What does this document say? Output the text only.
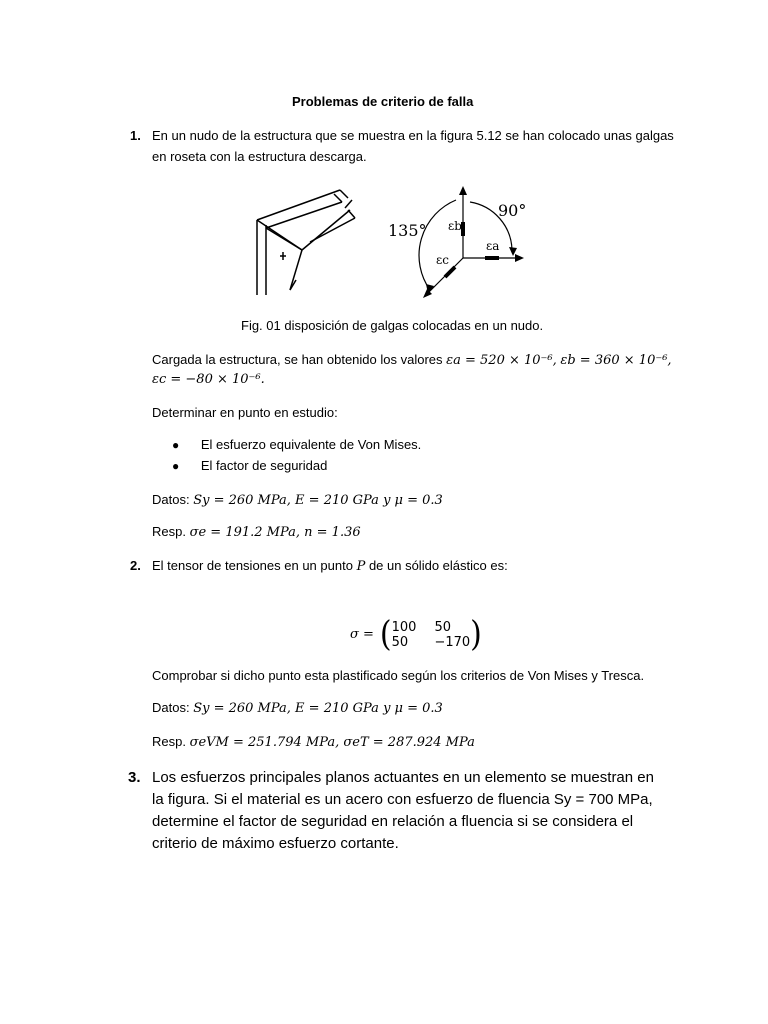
Problemas de criterio de falla
1. En un nudo de la estructura que se muestra en la figura 5.12 se han colocado unas galgas
en roseta con la estructura descarga.
135°
90°
εb
εa
εc
Fig. 01 disposición de galgas colocadas en un nudo.
Cargada la estructura, se han obtenido los valores εa = 520 × 10⁻⁶, εb = 360 × 10⁻⁶,
εc = −80 × 10⁻⁶.
Determinar en punto en estudio:
● El esfuerzo equivalente de Von Mises.
● El factor de seguridad
Datos: Sy = 260 MPa, E = 210 GPa y μ = 0.3
Resp. σe = 191.2 MPa, n = 1.36
2. El tensor de tensiones en un punto P de un sólido elástico es:
σ = ( 100 50
50	−170 )
Comprobar si dicho punto esta plastificado según los criterios de Von Mises y Tresca.
Datos: Sy = 260 MPa, E = 210 GPa y μ = 0.3
Resp. σeVM = 251.794 MPa, σeT = 287.924 MPa
3. Los esfuerzos principales planos actuantes en un elemento se muestran en
la figura. Si el material es un acero con esfuerzo de fluencia Sy = 700 MPa,
determine el factor de seguridad en relación a fluencia si se considera el
criterio de máximo esfuerzo cortante.
